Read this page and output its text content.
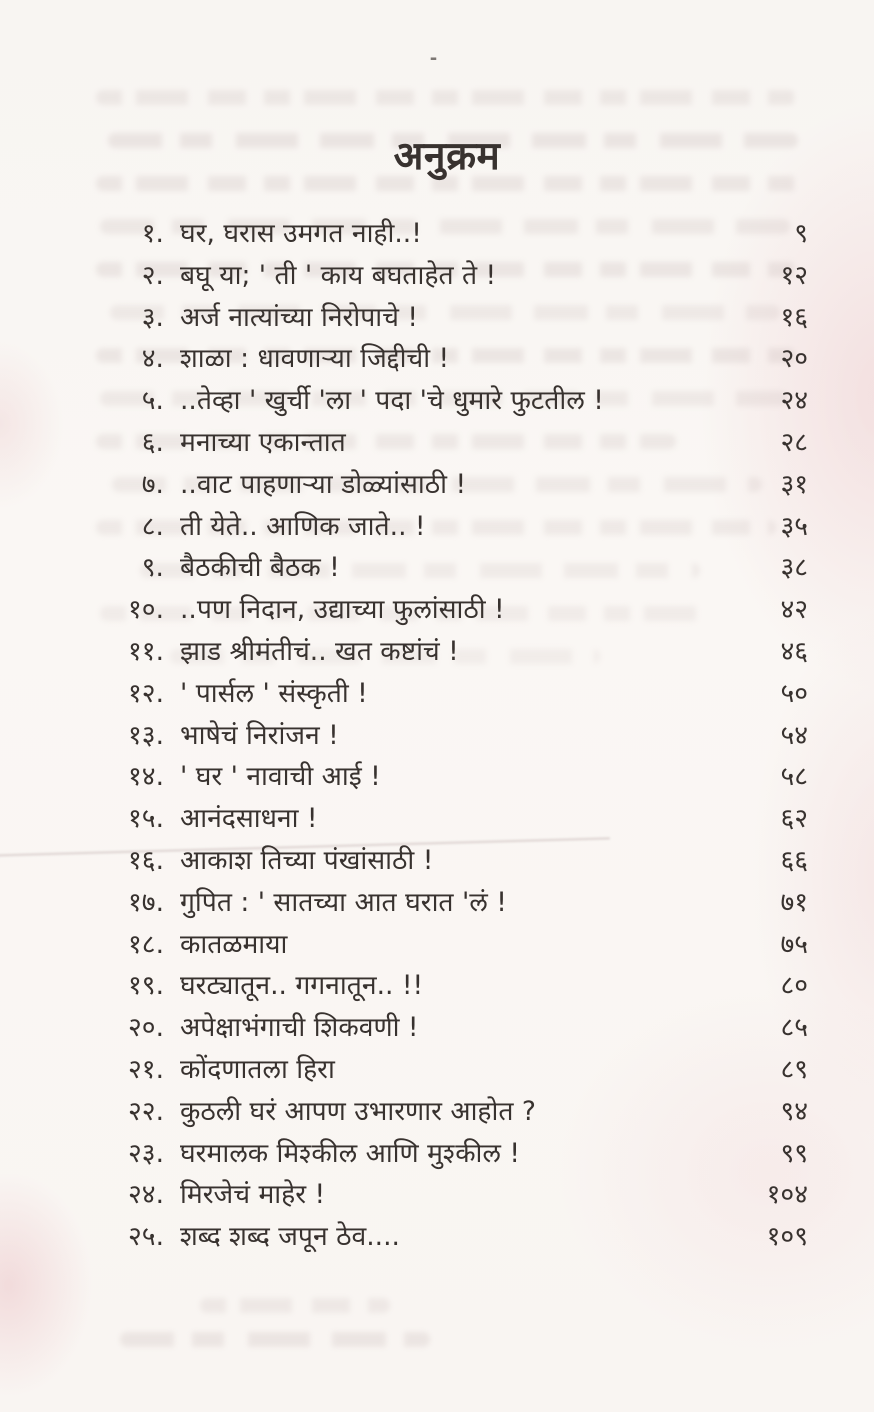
-
अनुक्रम
१. घर, घरास उमगत नाही..!	९
२. बघू या; ' ती ' काय बघताहेत ते !	१२
३. अर्ज नात्यांच्या निरोपाचे !	१६
४. शाळा : धावणाऱ्या जिद्दीची !	२०
५. ..तेव्हा ' खुर्ची 'ला ' पदा 'चे धुमारे फुटतील !	२४
६. मनाच्या एकान्तात	२८
७. ..वाट पाहणाऱ्या डोळ्यांसाठी !	३१
८. ती येते.. आणिक जाते.. !	३५
९. बैठकीची बैठक !	३८
१०. ..पण निदान, उद्याच्या फुलांसाठी !	४२
११. झाड श्रीमंतीचं.. खत कष्टांचं !	४६
१२. ' पार्सल ' संस्कृती !	५०
१३. भाषेचं निरांजन !	५४
१४. ' घर ' नावाची आई !	५८
१५. आनंदसाधना !	६२
१६. आकाश तिच्या पंखांसाठी !	६६
१७. गुपित : ' सातच्या आत घरात 'लं !	७१
१८. कातळमाया	७५
१९. घरट्यातून.. गगनातून.. !!	८०
२०. अपेक्षाभंगाची शिकवणी !	८५
२१. कोंदणातला हिरा	८९
२२. कुठली घरं आपण उभारणार आहोत ?	९४
२३. घरमालक मिश्कील आणि मुश्कील !	९९
२४. मिरजेचं माहेर !	१०४
२५. शब्द शब्द जपून ठेव....	१०९
